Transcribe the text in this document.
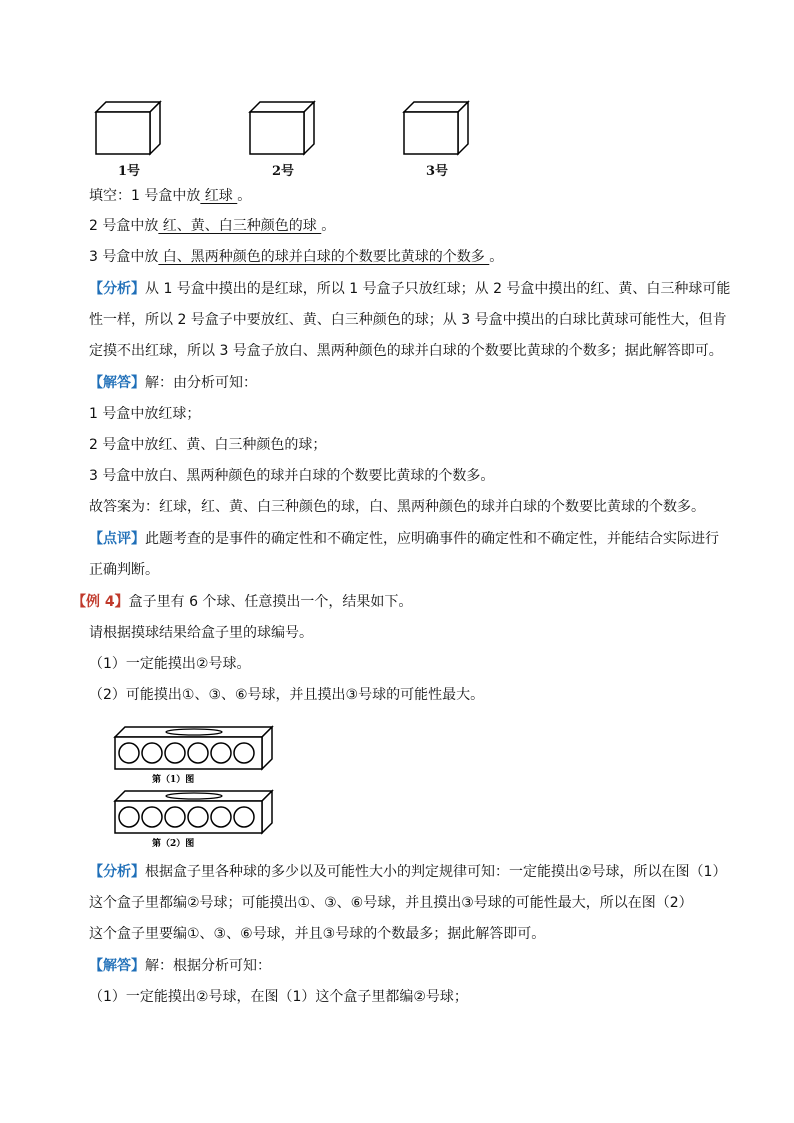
1号	2号	3号
填空：1 号盒中放 红球 。
2 号盒中放 红、黄、白三种颜色的球 。
3 号盒中放 白、黑两种颜色的球并白球的个数要比黄球的个数多 。
【分析】从 1 号盒中摸出的是红球，所以 1 号盒子只放红球；从 2 号盒中摸出的红、黄、白三种球可能
性一样，所以 2 号盒子中要放红、黄、白三种颜色的球；从 3 号盒中摸出的白球比黄球可能性大，但肯
定摸不出红球，所以 3 号盒子放白、黑两种颜色的球并白球的个数要比黄球的个数多；据此解答即可。
【解答】解：由分析可知：
1 号盒中放红球；
2 号盒中放红、黄、白三种颜色的球；
3 号盒中放白、黑两种颜色的球并白球的个数要比黄球的个数多。
故答案为：红球，红、黄、白三种颜色的球，白、黑两种颜色的球并白球的个数要比黄球的个数多。
【点评】此题考查的是事件的确定性和不确定性，应明确事件的确定性和不确定性，并能结合实际进行
正确判断。
【例 4】盒子里有 6 个球、任意摸出一个，结果如下。
请根据摸球结果给盒子里的球编号。
（1）一定能摸出②号球。
（2）可能摸出①、③、⑥号球，并且摸出③号球的可能性最大。
第（1）图
第（2）图
【分析】根据盒子里各种球的多少以及可能性大小的判定规律可知：一定能摸出②号球，所以在图（1）
这个盒子里都编②号球；可能摸出①、③、⑥号球，并且摸出③号球的可能性最大，所以在图（2）
这个盒子里要编①、③、⑥号球，并且③号球的个数最多；据此解答即可。
【解答】解：根据分析可知：
（1）一定能摸出②号球，在图（1）这个盒子里都编②号球；
